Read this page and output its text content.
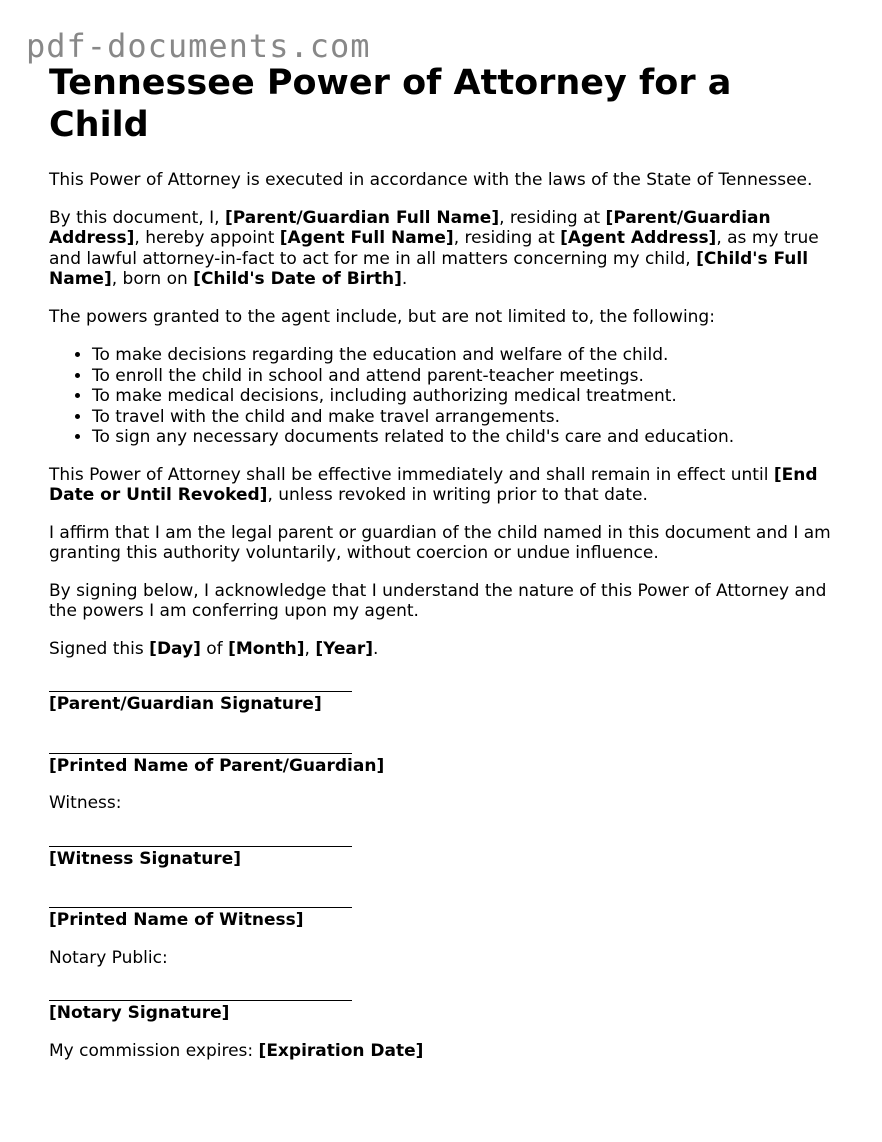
pdf-documents.com
Tennessee Power of Attorney for a Child

This Power of Attorney is executed in accordance with the laws of the State of Tennessee.

By this document, I, [Parent/Guardian Full Name], residing at [Parent/Guardian Address], hereby appoint [Agent Full Name], residing at [Agent Address], as my true and lawful attorney-in-fact to act for me in all matters concerning my child, [Child's Full Name], born on [Child's Date of Birth].

The powers granted to the agent include, but are not limited to, the following:

• To make decisions regarding the education and welfare of the child.
• To enroll the child in school and attend parent-teacher meetings.
• To make medical decisions, including authorizing medical treatment.
• To travel with the child and make travel arrangements.
• To sign any necessary documents related to the child's care and education.

This Power of Attorney shall be effective immediately and shall remain in effect until [End Date or Until Revoked], unless revoked in writing prior to that date.

I affirm that I am the legal parent or guardian of the child named in this document and I am granting this authority voluntarily, without coercion or undue influence.

By signing below, I acknowledge that I understand the nature of this Power of Attorney and the powers I am conferring upon my agent.

Signed this [Day] of [Month], [Year].

[Parent/Guardian Signature]
[Printed Name of Parent/Guardian]

Witness:

[Witness Signature]
[Printed Name of Witness]

Notary Public:

[Notary Signature]

My commission expires: [Expiration Date]
